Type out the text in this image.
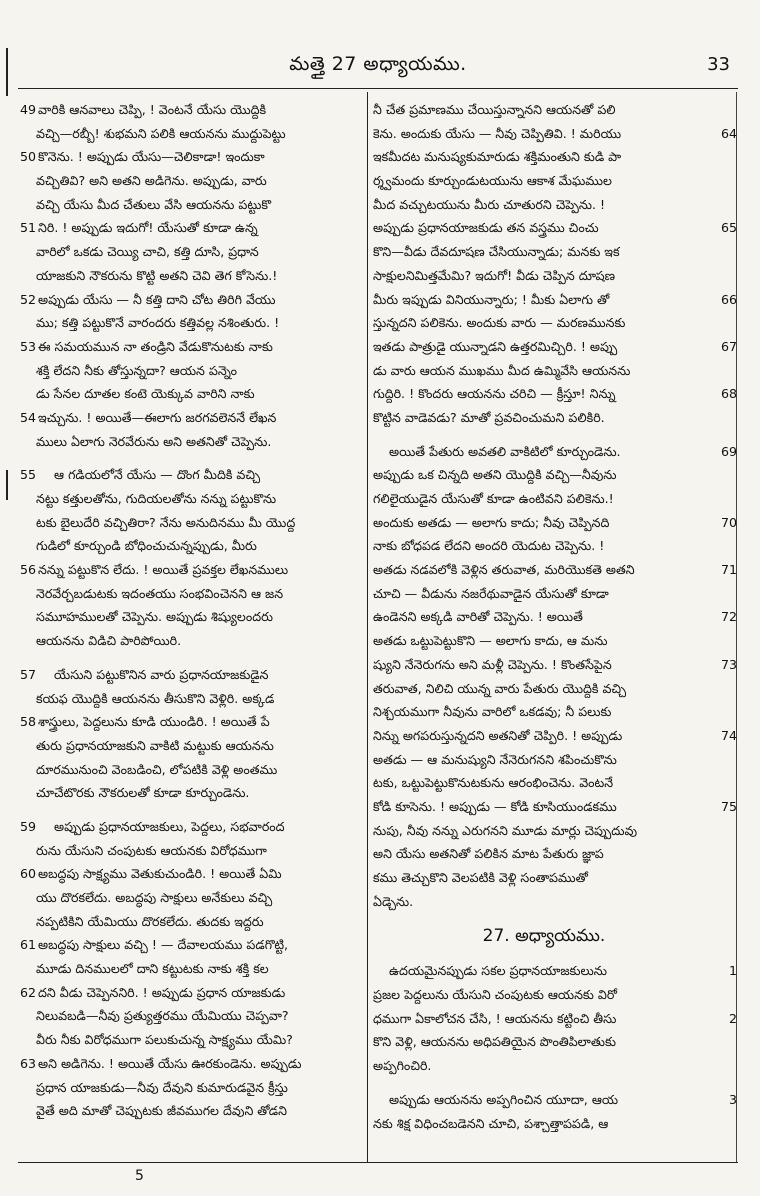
మత్తై 27 అధ్యాయము.	33
49 వారికి ఆనవాలు చెప్పి, ! వెంటనే యేసు యొద్దికి
వచ్చి—రబ్బీ! శుభమని పలికి ఆయనను ముద్దుపెట్టు
50 కొనెను. ! అప్పుడు యేసు—చెలికాడా! ఇందుకా
వచ్చితివి? అని అతని అడిగెను. అప్పుడు, వారు
వచ్చి యేసు మీద చేతులు వేసి ఆయనను పట్టుకొ
51 నిరి. ! అప్పుడు ఇదుగో! యేసుతో కూడా ఉన్న
వారిలో ఒకడు చెయ్యి చాచి, కత్తి దూసి, ప్రధాన
యాజకుని నౌకరును కొట్టి అతని చెవి తెగ కోసెను.!
52 అప్పుడు యేసు — నీ కత్తి దాని చోట తిరిగి వేయు
ము; కత్తి పట్టుకొనే వారందరు కత్తివల్ల నశింతురు. !
53 ఈ సమయమున నా తండ్రిని వేడుకొనుటకు నాకు
శక్తి లేదని నీకు తోస్తున్నదా? ఆయన పన్నెం
డు సేనల దూతల కంటె యెక్కువ వారిని నాకు
54 ఇచ్చును. ! అయితే—ఈలాగు జరగవలెననే లేఖన
ములు ఏలాగు నెరవేరును అని అతనితో చెప్పెను.
55 ఆ గడియలోనే యేసు — దొంగ మీదికి వచ్చి
నట్టు కత్తులతోను, గుదియలతోను నన్ను పట్టుకొను
టకు బైలుదేరి వచ్చితిరా? నేను అనుదినము మీ యొద్ద
గుడిలో కూర్చుండి బోధించుచున్నప్పుడు, మీరు
56 నన్ను పట్టుకొన లేదు. ! అయితే ప్రవక్తల లేఖనములు
నెరవేర్చబడుటకు ఇదంతయు సంభవించెనని ఆ జన
సమూహములతో చెప్పెను. అప్పుడు శిష్యులందరు
ఆయనను విడిచి పారిపోయిరి.
57 యేసుని పట్టుకొనిన వారు ప్రధానయాజకుడైన
కయఫ యొద్దికి ఆయనను తీసుకొని వెళ్లిరి. అక్కడ
58 శాస్త్రులు, పెద్దలును కూడి యుండిరి. ! అయితే పే
తురు ప్రధానయాజకుని వాకిటి మట్టుకు ఆయనను
దూరమునుంచి వెంబడించి, లోపటికి వెళ్లి అంతము
చూచేటొరకు నౌకరులతో కూడా కూర్చుండెను.
59 అప్పుడు ప్రధానయాజకులు, పెద్దలు, సభవారంద
రును యేసుని చంపుటకు ఆయనకు విరోధముగా
60 అబద్ధపు సాక్ష్యము వెతుకుచుండిరి. ! అయితే ఏమి
యు దొరకలేదు. అబద్ధపు సాక్షులు అనేకులు వచ్చి
నప్పటికిని యేమియు దొరకలేదు. తుదకు ఇద్దరు
61 అబద్ధపు సాక్షులు వచ్చి ! — దేవాలయము పడగొట్టి,
మూడు దినములలో దాని కట్టుటకు నాకు శక్తి కల
62 దని వీడు చెప్పెననిరి. ! అప్పుడు ప్రధాన యాజకుడు
నిలువబడి—నీవు ప్రత్యుత్తరము యేమియు చెప్పవా?
వీరు నీకు విరోధముగా పలుకుచున్న సాక్ష్యము యేమి?
63 అని అడిగెను. ! అయితే యేసు ఊరకుండెను. అప్పుడు
ప్రధాన యాజకుడు—నీవు దేవుని కుమారుడవైన క్రీస్తు
వైతే అది మాతో చెప్పుటకు జీవముగల దేవుని తోడని
నీ చేత ప్రమాణము చేయిస్తున్నానని ఆయనతో పలి
కెను. అందుకు యేసు — నీవు చెప్పితివి. ! మరియు	64
ఇకమీదట మనుష్యకుమారుడు శక్తిమంతుని కుడి పా
ర్శ్వమందు కూర్చుండుటయును ఆకాశ మేఘముల
మీద వచ్చుటయును మీరు చూతురని చెప్పెను. !
అప్పుడు ప్రధానయాజకుడు తన వస్త్రము చించు	65
కొని—వీడు దేవదూషణ చేసియున్నాడు; మనకు ఇక
సాక్షులనిమిత్తమేమి? ఇదుగో! వీడు చెప్పిన దూషణ
మీరు ఇప్పుడు వినియున్నారు; ! మీకు ఏలాగు తో	66
స్తున్నదని పలికెను. అందుకు వారు — మరణమునకు
ఇతడు పాత్రుడై యున్నాడని ఉత్తరమిచ్చిరి. ! అప్పు	67
డు వారు ఆయన ముఖము మీద ఉమ్మివేసి ఆయనను
గుద్దిరి. ! కొందరు ఆయనను చరిచి — క్రీస్తూ! నిన్ను	68
కొట్టిన వాడెవడు? మాతో ప్రవచించుమని పలికిరి.
అయితే పేతురు అవతలి వాకిటిలో కూర్చుండెను.	69
అప్పుడు ఒక చిన్నది అతని యొద్దికి వచ్చి—నీవును
గలిలైయుడైన యేసుతో కూడా ఉంటివని పలికెను.!
అందుకు అతడు — అలాగు కాదు; నీవు చెప్పినది	70
నాకు బోధపడ లేదని అందరి యెదుట చెప్పెను. !
అతడు నడవలోకి వెళ్లిన తరువాత, మరియొకతె అతని	71
చూచి — వీడును నజరేథువాడైన యేసుతో కూడా
ఉండెనని అక్కడి వారితో చెప్పెను. ! అయితే	72
అతడు ఒట్టుపెట్టుకొని — అలాగు కాదు, ఆ మను
ష్యుని నేనెరుగను అని మళ్లీ చెప్పెను. ! కొంతసేపైన	73
తరువాత, నిలిచి యున్న వారు పేతురు యొద్దికి వచ్చి
నిశ్చయముగా నీవును వారిలో ఒకడవు; నీ పలుకు
నిన్ను అగపరుస్తున్నదని అతనితో చెప్పిరి. ! అప్పుడు	74
అతడు — ఆ మనుష్యుని నేనెరుగనని శపించుకొను
టకు, ఒట్టుపెట్టుకొనుటకును ఆరంభించెను. వెంటనే
కోడి కూసెను. ! అప్పుడు — కోడి కూసియుండకము	75
నుపు, నీవు నన్ను ఎరుగనని మూడు మార్లు చెప్పుదువు
అని యేసు అతనితో పలికిన మాట పేతురు జ్ఞాప
కము తెచ్చుకొని వెలపటికి వెళ్లి సంతాపముతో
ఏడ్చెను.
27. అధ్యాయము.
ఉదయమైనప్పుడు సకల ప్రధానయాజకులును	1
ప్రజల పెద్దలును యేసుని చంపుటకు ఆయనకు విరో
ధముగా ఏకాలోచన చేసి, ! ఆయనను కట్టించి తీసు	2
కొని వెళ్లి, ఆయనను అధిపతియైన పొంతిపిలాతుకు
అప్పగించిరి.
అప్పుడు ఆయనను అప్పగించిన యూదా, ఆయ	3
నకు శిక్ష విధించబడెనని చూచి, పశ్చాత్తాపపడి, ఆ
5
